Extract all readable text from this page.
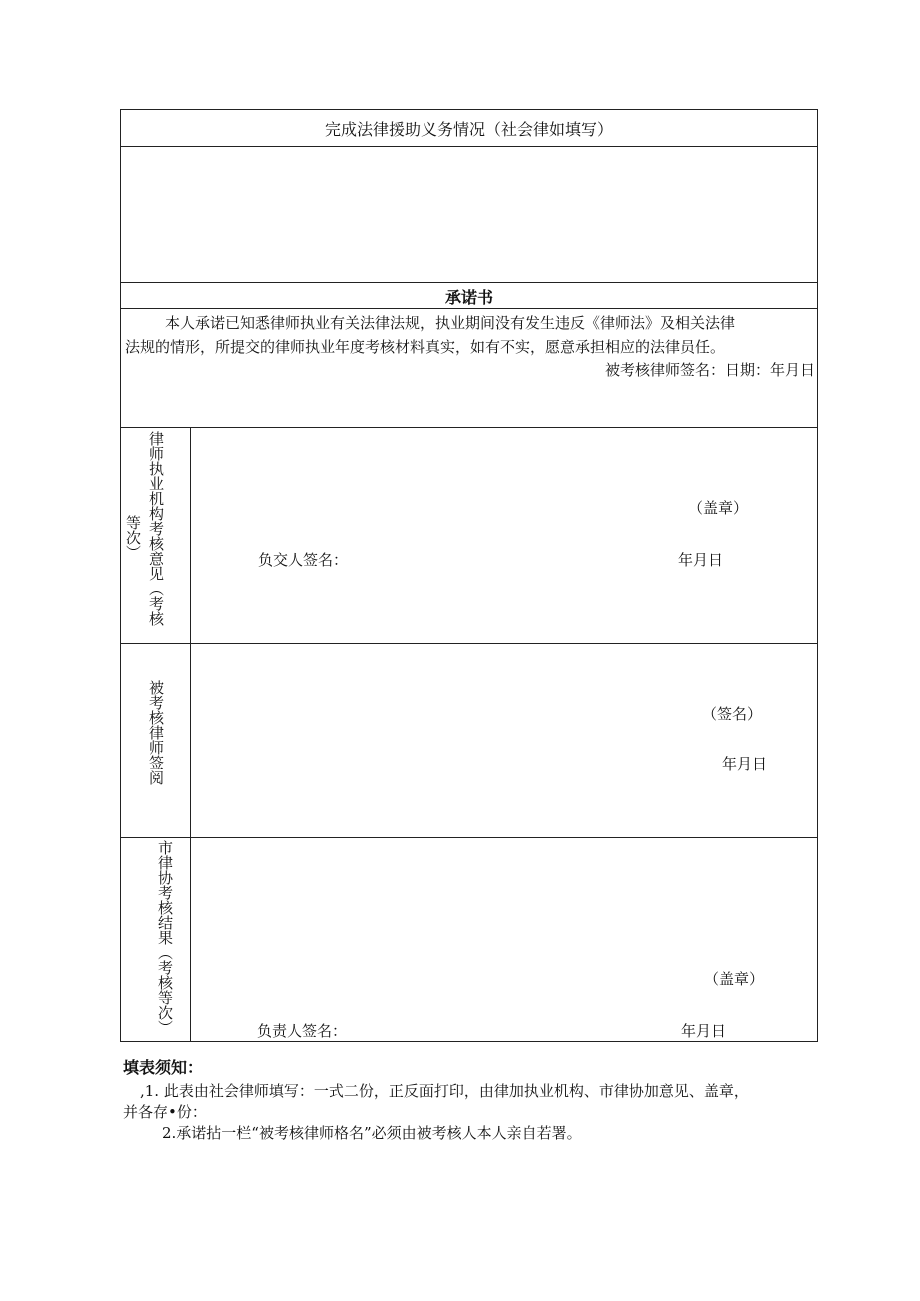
完成法律援助义务情况（社会律如填写）
承诺书
本人承诺已知悉律师执业有关法律法规，执业期间没有发生违反《律师法》及相关法律
法规的情形，所提交的律师执业年度考核材料真实，如有不实，愿意承担相应的法律员任。
被考核律师签名：日期：年月日
等次） 律师执业机构考核意见（考核	（盖章）
负交人签名：	年月日
被考核律师签阅	（签名）
年月日
市律协考核结果（考核等次）	（盖章）
负责人签名：	年月日
填表须知：
,1. 此表由社会律师填写：一式二份，正反面打印，由律加执业机构、市律协加意见、盖章，
并各存•份：
2.承诺拈一栏“被考核律师格名”必须由被考核人本人亲自若署。
